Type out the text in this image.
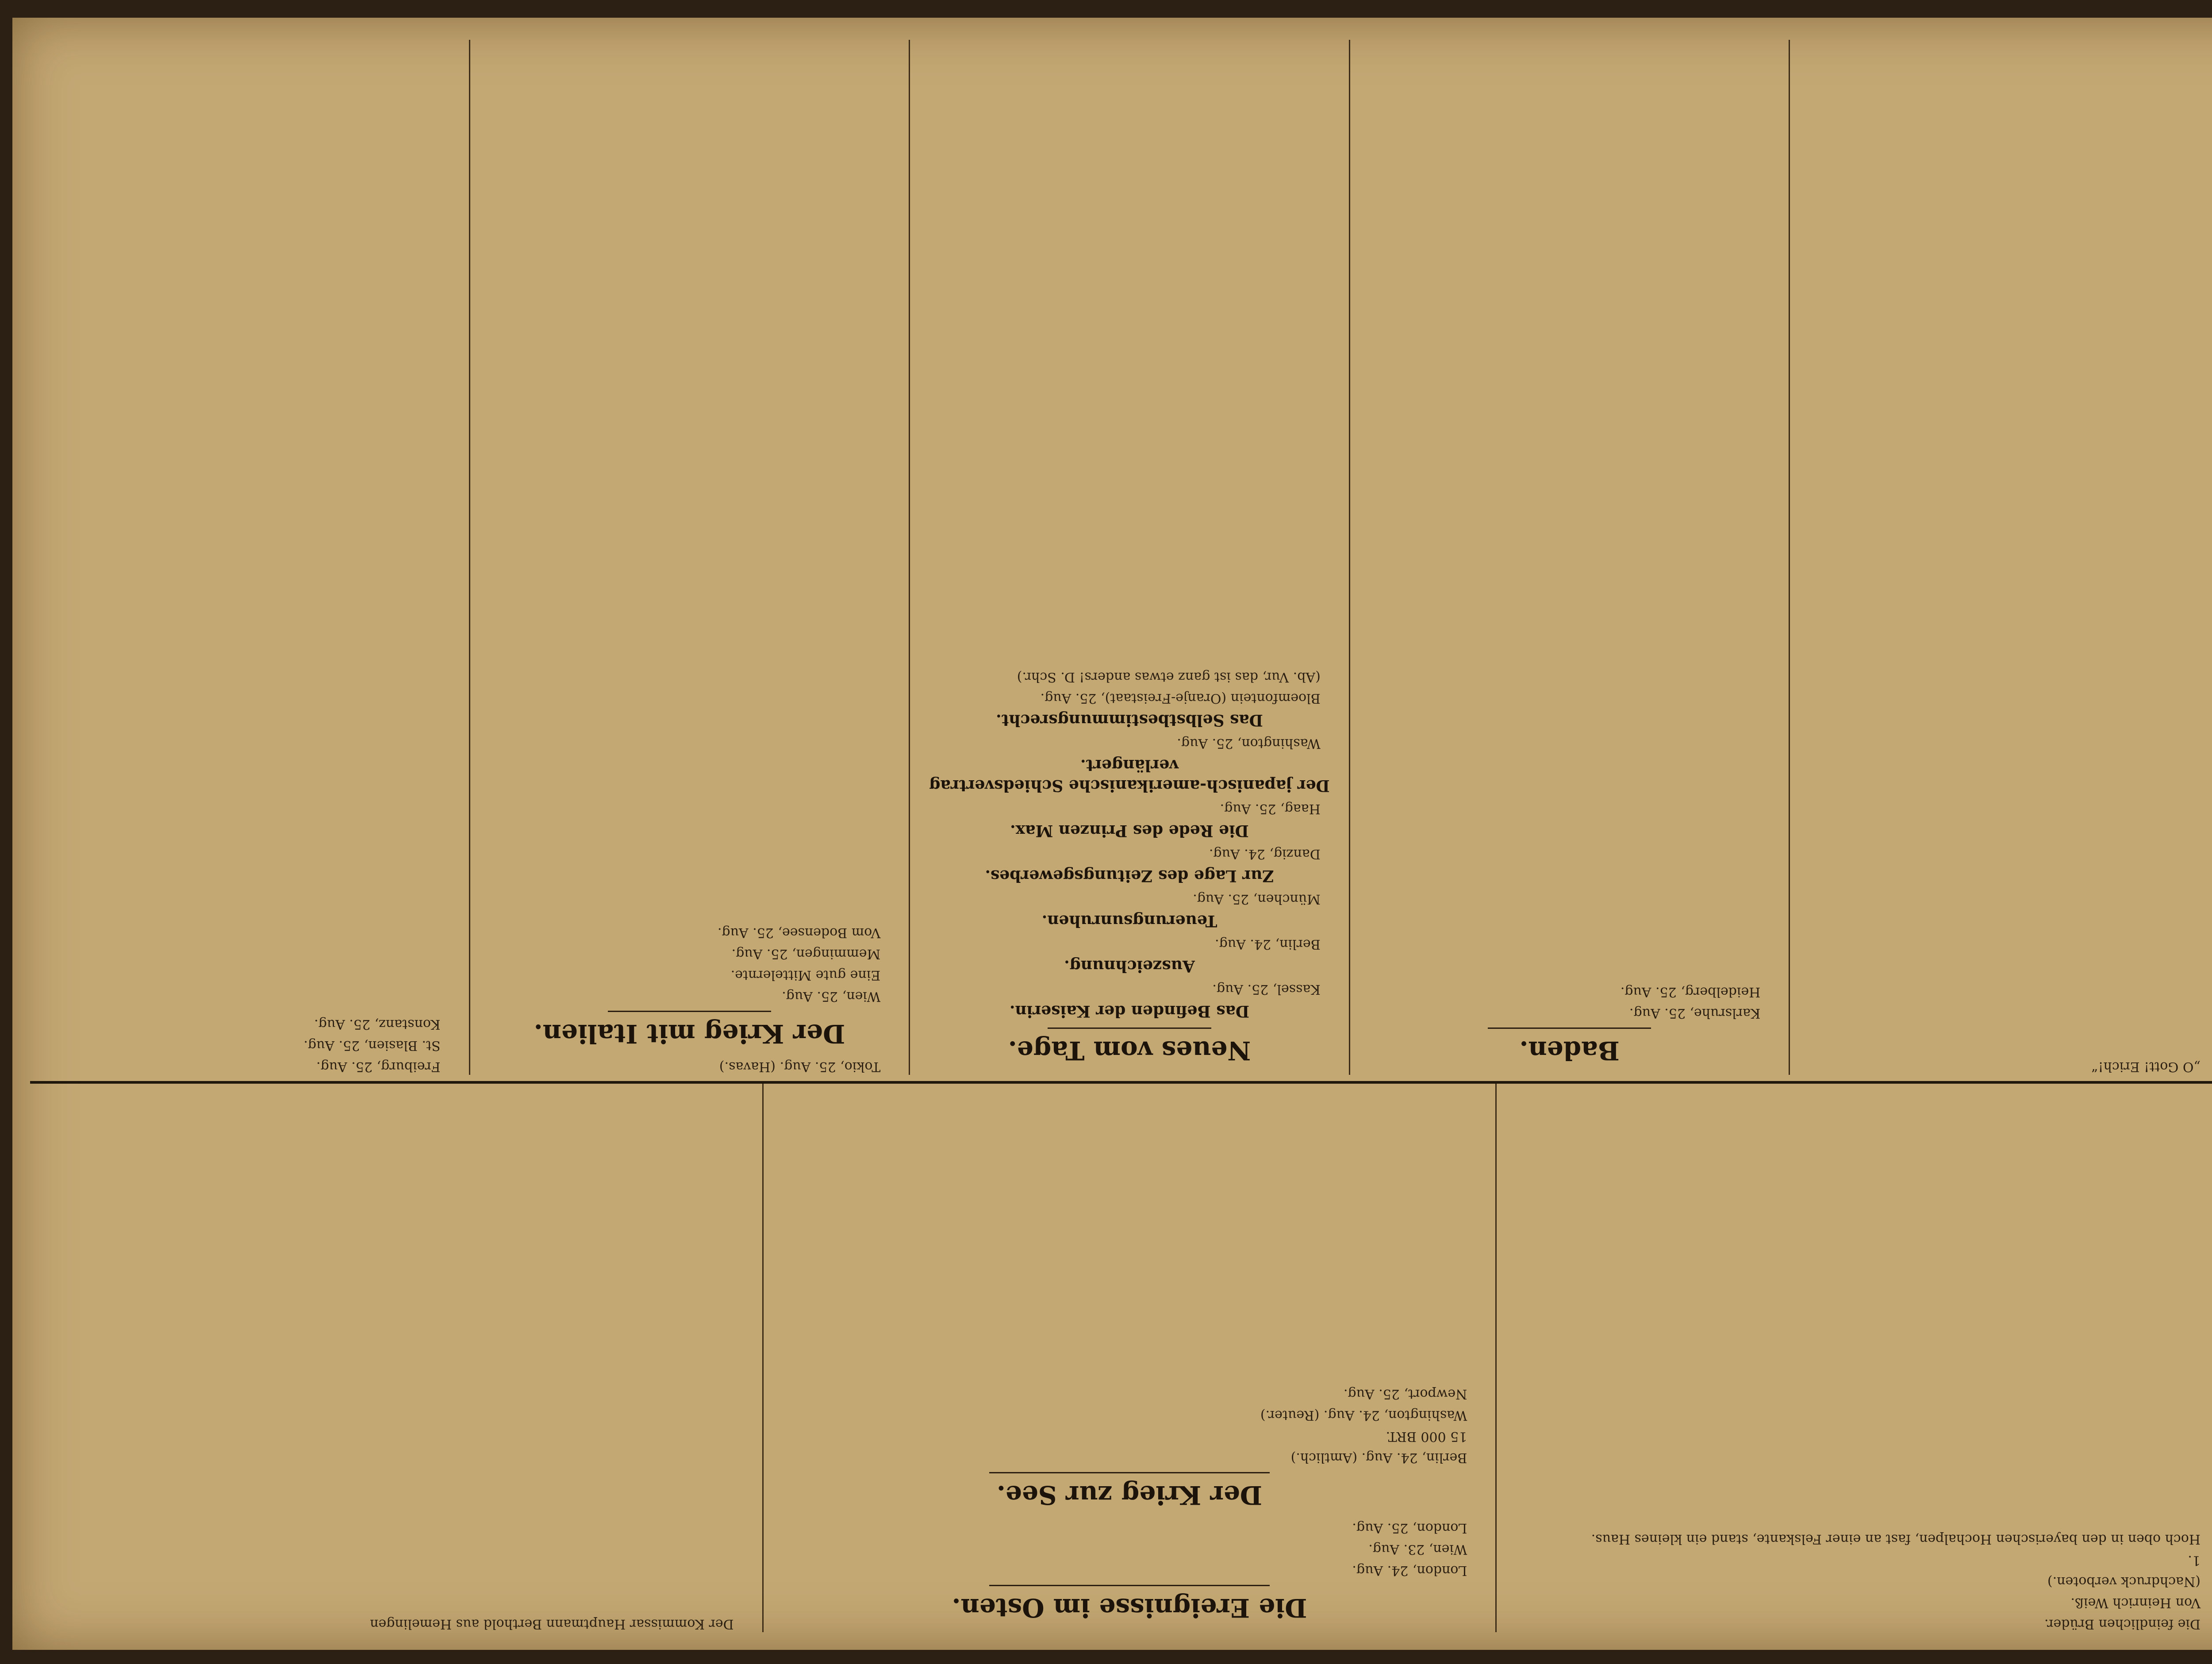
Die feindlichen Brüder.

Von Heinrich Weiß.

(Nachdruck verboten.)

1.

Hoch oben in den bayerischen Hochalpen, fast an einer Felskante, stand ein kleines Haus.

Die Ereignisse im Osten.

London, 24. Aug.

Wien, 23. Aug.

London, 25. Aug.

Der Krieg zur See.

Berlin, 24. Aug. (Amtlich.)

15 000 BRT.

Washington, 24. Aug. (Reuter.)

Newport, 25. Aug.

Der Kommissar Hauptmann Berthold aus Hemelingen

„O Gott! Erich!“

Baden.

Karlsruhe, 25. Aug.

Heidelberg, 25. Aug.

Neues vom Tage.
Das Befinden der Kaiserin.

Kassel, 25. Aug.

Auszeichnung.

Berlin, 24. Aug.

Teuerungsunruhen.

München, 25. Aug.

Zur Lage des Zeitungsgewerbes.

Danzig, 24. Aug.

Die Rede des Prinzen Max.

Haag, 25. Aug.

Der japanisch-amerikanische Schiedsvertrag verlängert.

Washington, 25. Aug.

Das Selbstbestimmungsrecht.

Bloemfontein (Oranje-Freistaat), 25. Aug.

(Ab. Vur, das ist ganz etwas anders! D. Schr.)

Tokio, 25. Aug. (Havas.)

Der Krieg mit Italien.

Wien, 25. Aug.

Eine gute Mittelernte.

Memmingen, 25. Aug.

Vom Bodensee, 25. Aug.

Freiburg, 25. Aug.

St. Blasien, 25. Aug.

Konstanz, 25. Aug.
